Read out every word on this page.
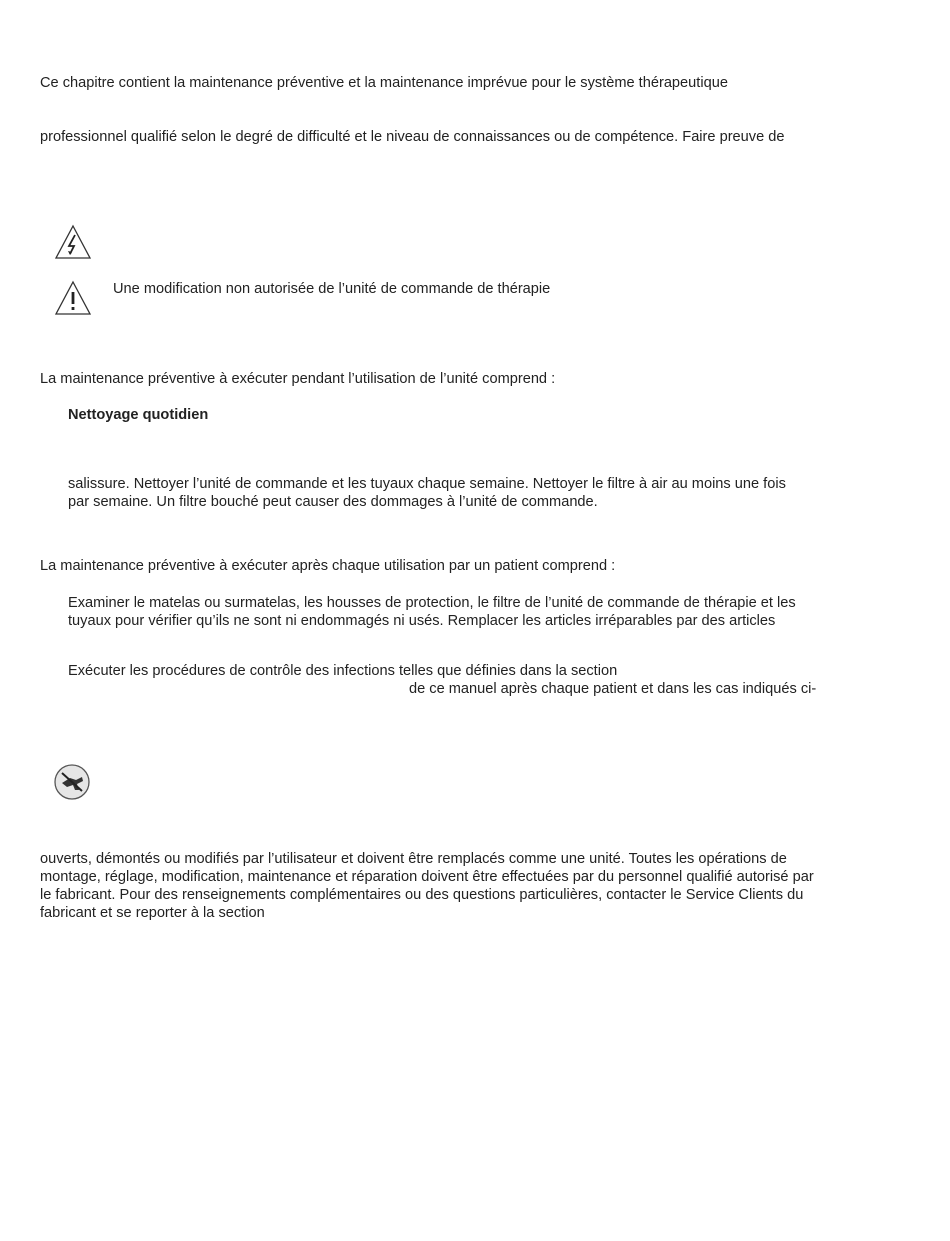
Ce chapitre contient la maintenance préventive et la maintenance imprévue pour le système thérapeutique
professionnel qualifié selon le degré de difficulté et le niveau de connaissances ou de compétence. Faire preuve de
Une modification non autorisée de l’unité de commande de thérapie
La maintenance préventive à exécuter pendant l’utilisation de l’unité comprend :
Nettoyage quotidien
salissure. Nettoyer l’unité de commande et les tuyaux chaque semaine. Nettoyer le filtre à air au moins une fois
par semaine. Un filtre bouché peut causer des dommages à l’unité de commande.
La maintenance préventive à exécuter après chaque utilisation par un patient comprend :
Examiner le matelas ou surmatelas, les housses de protection, le filtre de l’unité de commande de thérapie et les
tuyaux pour vérifier qu’ils ne sont ni endommagés ni usés. Remplacer les articles irréparables par des articles
Exécuter les procédures de contrôle des infections telles que définies dans la section
de ce manuel après chaque patient et dans les cas indiqués ci-
ouverts, démontés ou modifiés par l’utilisateur et doivent être remplacés comme une unité. Toutes les opérations de
montage, réglage, modification, maintenance et réparation doivent être effectuées par du personnel qualifié autorisé par
le fabricant. Pour des renseignements complémentaires ou des questions particulières, contacter le Service Clients du
fabricant et se reporter à la section
